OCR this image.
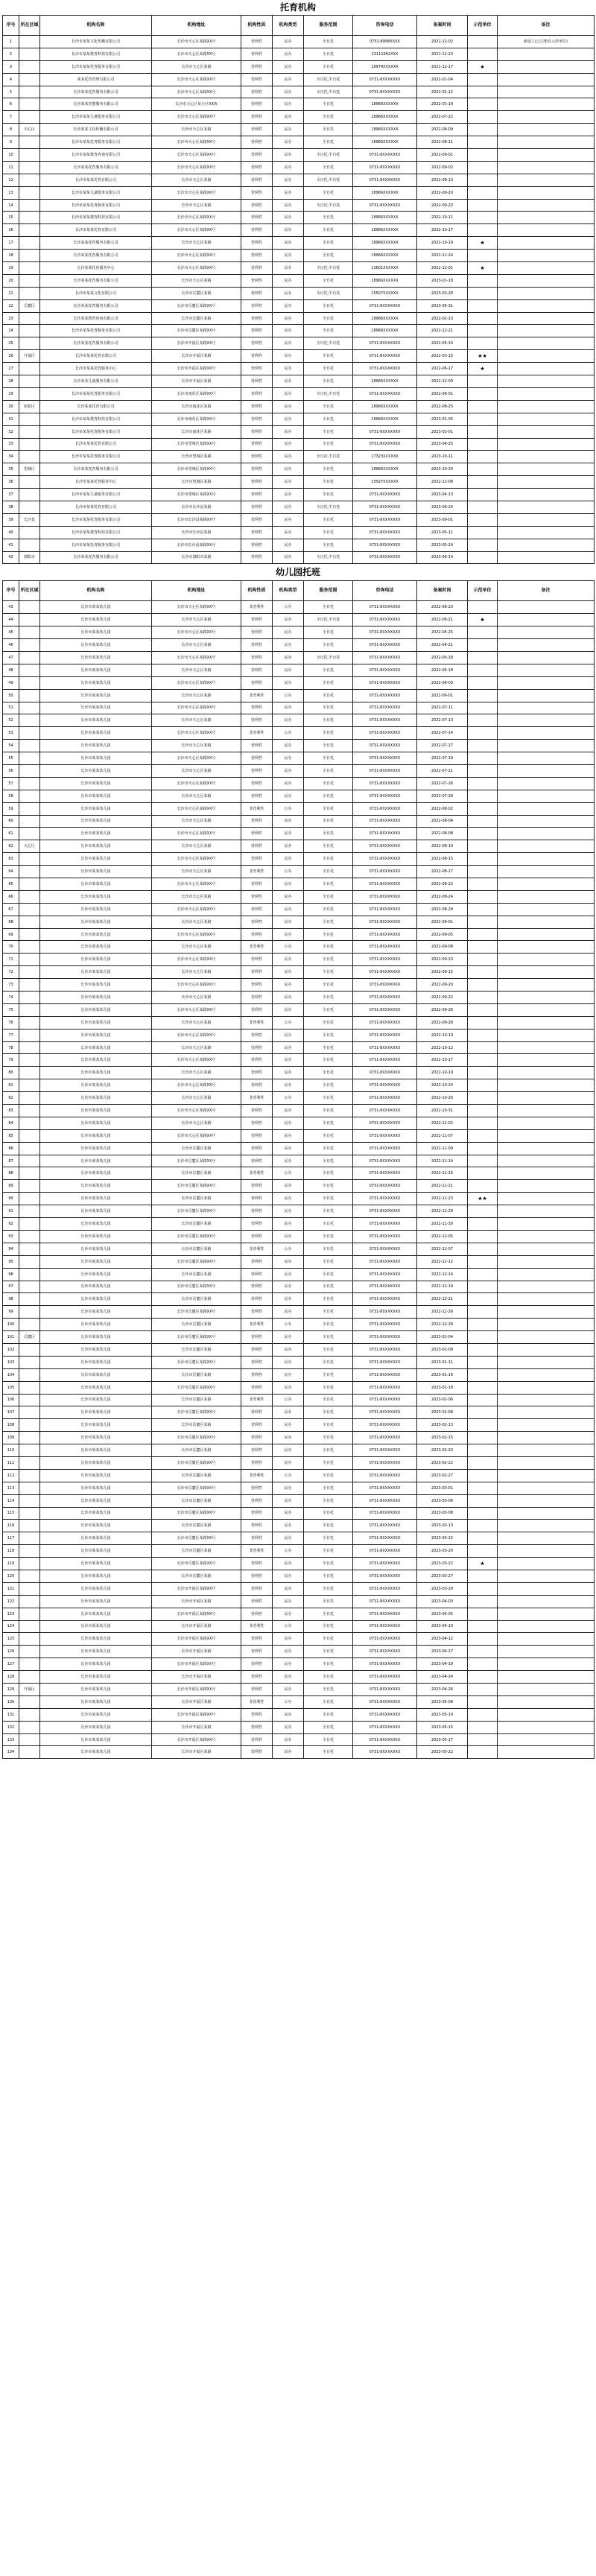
托育机构
序号	所在区域	机构名称	机构地址	机构性质	机构类型	服务范围	咨询电话	备案时间	示范单位	备注
1		长沙市某某文化传播有限公司	长沙市天心区某路XX号	营利性	民办	全日托	0731-8998XXXX	2021-12-02		新设立(已注册在示范单位)
2		长沙市某某教育科技有限公司	长沙市天心区某路XX号	营利性	民办	全日托	13111962XXX	2021-12-23		
3		长沙市某某托育服务有限公司	长沙市天心区某路	营利性	民办	全日托	18974XXXXXX	2021-12-17	★	
4		某某托育管理有限公司	长沙市天心区某路XX号	营利性	民办	全日托,半日托	0731-8XXXXXXX	2022-01-04		
5		长沙某某托育服务有限公司	长沙市天心区某路XX号	营利性	民办	全日托,半日托	0731-8XXXXXXX	2022-01-12		
6		长沙某某育婴服务有限公司	长沙市天心区某小区XX栋	营利性	民办	全日托	18966XXXXXX	2022-01-18		
7		长沙市某某儿童服务有限公司	长沙市天心区某路XX号	营利性	民办	全日托	18966XXXXXX	2022-07-22		
8	天心区	长沙某某文化传播有限公司	长沙市天心区某路	营利性	民办	全日托	18966XXXXXX	2022-08-09		
9		长沙市某某托育服务有限公司	长沙市天心区某路XX号	营利性	民办	全日托	18966XXXXXX	2022-08-11		
10		长沙市某某教育咨询有限公司	长沙市天心区某路XX号	营利性	民办	全日托,半日托	0731-8XXXXXXX	2022-09-01		
11		长沙某某托育服务有限公司	长沙市天心区某路XX号	营利性	民办	全日托	0731-8XXXXXXX	2022-09-02		
12		长沙市某某托育有限公司	长沙市天心区某路	营利性	民办	全日托,半日托	0731-8XXXXXXX	2022-09-13		
13		长沙市某某儿童服务有限公司	长沙市天心区某路XX号	营利性	民办	全日托	18966XXXXXX	2022-09-20		
14		长沙市某某托育服务有限公司	长沙市天心区某路	营利性	民办	全日托,半日托	0731-8XXXXXXX	2022-09-23		
15		长沙市某某教育科技有限公司	长沙市天心区某路XX号	营利性	民办	全日托	18966XXXXXX	2022-10-11		
16		长沙市某某托育有限公司	长沙市天心区某路XX号	营利性	民办	全日托	18966XXXXXX	2022-10-17		
17		长沙某某托育服务有限公司	长沙市天心区某路	营利性	民办	全日托	18966XXXXXX	2022-10-19	★	
18		长沙某某托育服务有限公司	长沙市天心区某路XX号	营利性	民办	全日托	18966XXXXXX	2022-11-24		
19		长沙某某托育服务中心	长沙市天心区某路XX号	营利性	民办	全日托,半日托	13601XXXXXX	2022-12-01	★	
20		长沙某某托育服务有限公司	长沙市天心区某路	营利性	民办	全日托	18966XXXXXX	2023-01-18		
21		长沙市某某文化有限公司	长沙市岳麓区某路	营利性	民办	全日托,半日托	15507XXXXXX	2023-03-28		
22	岳麓区	长沙某某托育服务有限公司	长沙市岳麓区某路XX号	营利性	民办	全日托	0731-8XXXXXXX	2023-05-31		
23		长沙某某教育咨询有限公司	长沙市岳麓区某路	营利性	民办	全日托	18966XXXXXX	2022-02-13		
24		长沙市某某托育服务有限公司	长沙市岳麓区某路XX号	营利性	民办	全日托	18966XXXXXX	2022-12-21		
25		长沙某某托育服务有限公司	长沙市开福区某路XX号	营利性	民办	全日托,半日托	0731-8XXXXXXX	2022-05-10		
26	开福区	长沙市某某托育有限公司	长沙市开福区某路	营利性	民办	全日托	0731-8XXXXXXX	2022-03-15	★★	
27		长沙市某某托育服务中心	长沙市开福区某路XX号	营利性	民办	全日托	0731-8XXXXXXX	2022-06-17	★	
28		长沙某某儿童服务有限公司	长沙市开福区某路	营利性	民办	全日托	18966XXXXXX	2022-12-09		
29		长沙市某某托育服务有限公司	长沙市雨花区某路XX号	营利性	民办	全日托,半日托	0731-8XXXXXXX	2022-06-01		
30	雨花区	长沙某某托育有限公司	长沙市雨花区某路	营利性	民办	全日托	18966XXXXXX	2022-08-25		
31		长沙市某某教育科技有限公司	长沙市雨花区某路XX号	营利性	民办	全日托	18966XXXXXX	2023-01-05		
32		长沙市某某托育服务有限公司	长沙市雨花区某路	营利性	民办	全日托	0731-8XXXXXXX	2023-03-01		
33		长沙市某某托育有限公司	长沙市望城区某路XX号	营利性	民办	全日托	0731-8XXXXXXX	2023-04-25		
34		长沙市某某托育服务有限公司	长沙市望城区某路	营利性	民办	全日托,半日托	17323XXXXXX	2023-10-11		
35	望城区	长沙某某托育服务有限公司	长沙市望城区某路XX号	营利性	民办	全日托	18966XXXXXX	2023-10-24		
36		长沙市某某托育服务中心	长沙市望城区某路	营利性	民办	全日托	15527XXXXXX	2022-12-08		
37		长沙市某某儿童服务有限公司	长沙市望城区某路XX号	营利性	民办	全日托	0731-8XXXXXXX	2023-04-13		
38		长沙市某某托育有限公司	长沙市长沙县某路	营利性	民办	全日托,半日托	0731-8XXXXXXX	2023-06-24		
39	长沙县	长沙市某某托育服务有限公司	长沙市长沙县某路XX号	营利性	民办	全日托	0731-8XXXXXXX	2023-09-01		
40		长沙市某某教育科技有限公司	长沙市长沙县某路	营利性	民办	全日托	0731-8XXXXXXX	2023-05-11		
41		长沙市某某托育服务有限公司	长沙市长沙县某路XX号	营利性	民办	全日托	0731-8XXXXXXX	2023-05-24		
42	浏阳市	长沙某某托育服务有限公司	长沙市浏阳市某路	营利性	民办	全日托,半日托	0731-8XXXXXXX	2023-06-14		
幼儿园托班
序号	所在区域	机构名称	机构地址	机构性质	机构类型	服务范围	咨询电话	备案时间	示范单位	备注
43		长沙市某某幼儿园	长沙市天心区某路XX号	非营利性	公办	全日托	0731-8XXXXXXX	2022-06-23		
44		长沙市某某幼儿园	长沙市天心区某路	营利性	民办	全日托,半日托	0731-8XXXXXXX	2022-06-21	★	
45		长沙市某某幼儿园	长沙市天心区某路XX号	营利性	民办	全日托	0731-8XXXXXXX	2022-04-25		
46		长沙市某某幼儿园	长沙市天心区某路	营利性	民办	全日托	0731-8XXXXXXX	2022-04-21		
47		长沙市某某幼儿园	长沙市天心区某路XX号	营利性	民办	全日托,半日托	0731-8XXXXXXX	2022-05-18		
48		长沙市某某幼儿园	长沙市天心区某路	营利性	民办	全日托	0731-8XXXXXXX	2022-05-18		
49		长沙市某某幼儿园	长沙市天心区某路XX号	营利性	民办	全日托	0731-8XXXXXXX	2022-06-03		
50		长沙市某某幼儿园	长沙市天心区某路	非营利性	公办	全日托	0731-8XXXXXXX	2022-06-01		
51		长沙市某某幼儿园	长沙市天心区某路XX号	营利性	民办	全日托	0731-8XXXXXXX	2022-07-11		
52		长沙市某某幼儿园	长沙市天心区某路	营利性	民办	全日托	0731-8XXXXXXX	2022-07-13		
53		长沙市某某幼儿园	长沙市天心区某路XX号	非营利性	公办	全日托	0731-8XXXXXXX	2022-07-14		
54		长沙市某某幼儿园	长沙市天心区某路	营利性	民办	全日托	0731-8XXXXXXX	2022-07-17		
55		长沙市某某幼儿园	长沙市天心区某路XX号	营利性	民办	全日托	0731-8XXXXXXX	2022-07-19		
56		长沙市某某幼儿园	长沙市天心区某路	营利性	民办	全日托	0731-8XXXXXXX	2022-07-21		
57		长沙市某某幼儿园	长沙市天心区某路XX号	营利性	民办	全日托	0731-8XXXXXXX	2022-07-26		
58		长沙市某某幼儿园	长沙市天心区某路	营利性	民办	全日托	0731-8XXXXXXX	2022-07-28		
59		长沙市某某幼儿园	长沙市天心区某路XX号	非营利性	公办	全日托	0731-8XXXXXXX	2022-08-02		
60		长沙市某某幼儿园	长沙市天心区某路	营利性	民办	全日托	0731-8XXXXXXX	2022-08-04		
61		长沙市某某幼儿园	长沙市天心区某路XX号	营利性	民办	全日托	0731-8XXXXXXX	2022-08-08		
62	天心区	长沙市某某幼儿园	长沙市天心区某路	营利性	民办	全日托	0731-8XXXXXXX	2022-08-10		
63		长沙市某某幼儿园	长沙市天心区某路XX号	营利性	民办	全日托	0731-8XXXXXXX	2022-08-15		
64		长沙市某某幼儿园	长沙市天心区某路	非营利性	公办	全日托	0731-8XXXXXXX	2022-08-17		
65		长沙市某某幼儿园	长沙市天心区某路XX号	营利性	民办	全日托	0731-8XXXXXXX	2022-08-22		
66		长沙市某某幼儿园	长沙市天心区某路	营利性	民办	全日托	0731-8XXXXXXX	2022-08-24		
67		长沙市某某幼儿园	长沙市天心区某路XX号	营利性	民办	全日托	0731-8XXXXXXX	2022-08-29		
68		长沙市某某幼儿园	长沙市天心区某路	营利性	民办	全日托	0731-8XXXXXXX	2022-09-01		
69		长沙市某某幼儿园	长沙市天心区某路XX号	营利性	民办	全日托	0731-8XXXXXXX	2022-09-05		
70		长沙市某某幼儿园	长沙市天心区某路	非营利性	公办	全日托	0731-8XXXXXXX	2022-09-08		
71		长沙市某某幼儿园	长沙市天心区某路XX号	营利性	民办	全日托	0731-8XXXXXXX	2022-09-13		
72		长沙市某某幼儿园	长沙市天心区某路	营利性	民办	全日托	0731-8XXXXXXX	2022-09-15		
73		长沙市某某幼儿园	长沙市天心区某路XX号	营利性	民办	全日托	0731-8XXXXXXX	2022-09-20		
74		长沙市某某幼儿园	长沙市天心区某路	营利性	民办	全日托	0731-8XXXXXXX	2022-09-22		
75		长沙市某某幼儿园	长沙市天心区某路XX号	营利性	民办	全日托	0731-8XXXXXXX	2022-09-26		
76		长沙市某某幼儿园	长沙市天心区某路	非营利性	公办	全日托	0731-8XXXXXXX	2022-09-28		
77		长沙市某某幼儿园	长沙市天心区某路XX号	营利性	民办	全日托	0731-8XXXXXXX	2022-10-10		
78		长沙市某某幼儿园	长沙市天心区某路	营利性	民办	全日托	0731-8XXXXXXX	2022-10-12		
79		长沙市某某幼儿园	长沙市天心区某路XX号	营利性	民办	全日托	0731-8XXXXXXX	2022-10-17		
80		长沙市某某幼儿园	长沙市天心区某路	营利性	民办	全日托	0731-8XXXXXXX	2022-10-19		
81		长沙市某某幼儿园	长沙市天心区某路XX号	营利性	民办	全日托	0731-8XXXXXXX	2022-10-24		
82		长沙市某某幼儿园	长沙市天心区某路	非营利性	公办	全日托	0731-8XXXXXXX	2022-10-26		
83		长沙市某某幼儿园	长沙市天心区某路XX号	营利性	民办	全日托	0731-8XXXXXXX	2022-10-31		
84		长沙市某某幼儿园	长沙市天心区某路	营利性	民办	全日托	0731-8XXXXXXX	2022-11-02		
85		长沙市某某幼儿园	长沙市天心区某路XX号	营利性	民办	全日托	0731-8XXXXXXX	2022-11-07		
86		长沙市某某幼儿园	长沙市岳麓区某路	营利性	民办	全日托	0731-8XXXXXXX	2022-11-09		
87		长沙市某某幼儿园	长沙市岳麓区某路XX号	营利性	民办	全日托	0731-8XXXXXXX	2022-11-14		
88		长沙市某某幼儿园	长沙市岳麓区某路	非营利性	公办	全日托	0731-8XXXXXXX	2022-11-16		
89		长沙市某某幼儿园	长沙市岳麓区某路XX号	营利性	民办	全日托	0731-8XXXXXXX	2022-11-21		
90		长沙市某某幼儿园	长沙市岳麓区某路	营利性	民办	全日托	0731-8XXXXXXX	2022-11-23	★★	
91		长沙市某某幼儿园	长沙市岳麓区某路XX号	营利性	民办	全日托	0731-8XXXXXXX	2022-11-28		
92		长沙市某某幼儿园	长沙市岳麓区某路	营利性	民办	全日托	0731-8XXXXXXX	2022-11-30		
93		长沙市某某幼儿园	长沙市岳麓区某路XX号	营利性	民办	全日托	0731-8XXXXXXX	2022-12-05		
94		长沙市某某幼儿园	长沙市岳麓区某路	非营利性	公办	全日托	0731-8XXXXXXX	2022-12-07		
95		长沙市某某幼儿园	长沙市岳麓区某路XX号	营利性	民办	全日托	0731-8XXXXXXX	2022-12-12		
96		长沙市某某幼儿园	长沙市岳麓区某路	营利性	民办	全日托	0731-8XXXXXXX	2022-12-14		
97		长沙市某某幼儿园	长沙市岳麓区某路XX号	营利性	民办	全日托	0731-8XXXXXXX	2022-12-19		
98		长沙市某某幼儿园	长沙市岳麓区某路	营利性	民办	全日托	0731-8XXXXXXX	2022-12-21		
99		长沙市某某幼儿园	长沙市岳麓区某路XX号	营利性	民办	全日托	0731-8XXXXXXX	2022-12-26		
100		长沙市某某幼儿园	长沙市岳麓区某路	非营利性	公办	全日托	0731-8XXXXXXX	2022-12-28		
101	岳麓区	长沙市某某幼儿园	长沙市岳麓区某路XX号	营利性	民办	全日托	0731-8XXXXXXX	2023-01-04		
102		长沙市某某幼儿园	长沙市岳麓区某路	营利性	民办	全日托	0731-8XXXXXXX	2023-01-09		
103		长沙市某某幼儿园	长沙市岳麓区某路XX号	营利性	民办	全日托	0731-8XXXXXXX	2023-01-11		
104		长沙市某某幼儿园	长沙市岳麓区某路	营利性	民办	全日托	0731-8XXXXXXX	2023-01-16		
105		长沙市某某幼儿园	长沙市岳麓区某路XX号	营利性	民办	全日托	0731-8XXXXXXX	2023-01-18		
106		长沙市某某幼儿园	长沙市岳麓区某路	非营利性	公办	全日托	0731-8XXXXXXX	2023-02-06		
107		长沙市某某幼儿园	长沙市岳麓区某路XX号	营利性	民办	全日托	0731-8XXXXXXX	2023-02-08		
108		长沙市某某幼儿园	长沙市岳麓区某路	营利性	民办	全日托	0731-8XXXXXXX	2023-02-13		
109		长沙市某某幼儿园	长沙市岳麓区某路XX号	营利性	民办	全日托	0731-8XXXXXXX	2023-02-15		
110		长沙市某某幼儿园	长沙市岳麓区某路	营利性	民办	全日托	0731-8XXXXXXX	2023-02-20		
111		长沙市某某幼儿园	长沙市岳麓区某路XX号	营利性	民办	全日托	0731-8XXXXXXX	2023-02-22		
112		长沙市某某幼儿园	长沙市岳麓区某路	非营利性	公办	全日托	0731-8XXXXXXX	2023-02-27		
113		长沙市某某幼儿园	长沙市岳麓区某路XX号	营利性	民办	全日托	0731-8XXXXXXX	2023-03-01		
114		长沙市某某幼儿园	长沙市岳麓区某路	营利性	民办	全日托	0731-8XXXXXXX	2023-03-06		
115		长沙市某某幼儿园	长沙市岳麓区某路XX号	营利性	民办	全日托	0731-8XXXXXXX	2023-03-08		
116		长沙市某某幼儿园	长沙市岳麓区某路	营利性	民办	全日托	0731-8XXXXXXX	2023-03-13		
117		长沙市某某幼儿园	长沙市岳麓区某路XX号	营利性	民办	全日托	0731-8XXXXXXX	2023-03-15		
118		长沙市某某幼儿园	长沙市岳麓区某路	非营利性	公办	全日托	0731-8XXXXXXX	2023-03-20		
119		长沙市某某幼儿园	长沙市岳麓区某路XX号	营利性	民办	全日托	0731-8XXXXXXX	2023-03-22	★	
120		长沙市某某幼儿园	长沙市岳麓区某路	营利性	民办	全日托	0731-8XXXXXXX	2023-03-27		
121		长沙市某某幼儿园	长沙市开福区某路XX号	营利性	民办	全日托	0731-8XXXXXXX	2023-03-29		
122		长沙市某某幼儿园	长沙市开福区某路	营利性	民办	全日托	0731-8XXXXXXX	2023-04-03		
123		长沙市某某幼儿园	长沙市开福区某路XX号	营利性	民办	全日托	0731-8XXXXXXX	2023-04-05		
124		长沙市某某幼儿园	长沙市开福区某路	非营利性	公办	全日托	0731-8XXXXXXX	2023-04-10		
125		长沙市某某幼儿园	长沙市开福区某路XX号	营利性	民办	全日托	0731-8XXXXXXX	2023-04-12		
126		长沙市某某幼儿园	长沙市开福区某路	营利性	民办	全日托	0731-8XXXXXXX	2023-04-17		
127		长沙市某某幼儿园	长沙市开福区某路XX号	营利性	民办	全日托	0731-8XXXXXXX	2023-04-19		
128		长沙市某某幼儿园	长沙市开福区某路	营利性	民办	全日托	0731-8XXXXXXX	2023-04-24		
129	开福区	长沙市某某幼儿园	长沙市开福区某路XX号	营利性	民办	全日托	0731-8XXXXXXX	2023-04-26		
130		长沙市某某幼儿园	长沙市开福区某路	非营利性	公办	全日托	0731-8XXXXXXX	2023-05-08		
131		长沙市某某幼儿园	长沙市开福区某路XX号	营利性	民办	全日托	0731-8XXXXXXX	2023-05-10		
132		长沙市某某幼儿园	长沙市开福区某路	营利性	民办	全日托	0731-8XXXXXXX	2023-05-15		
133		长沙市某某幼儿园	长沙市开福区某路XX号	营利性	民办	全日托	0731-8XXXXXXX	2023-05-17		
134		长沙市某某幼儿园	长沙市开福区某路	营利性	民办	全日托	0731-8XXXXXXX	2023-05-22		
